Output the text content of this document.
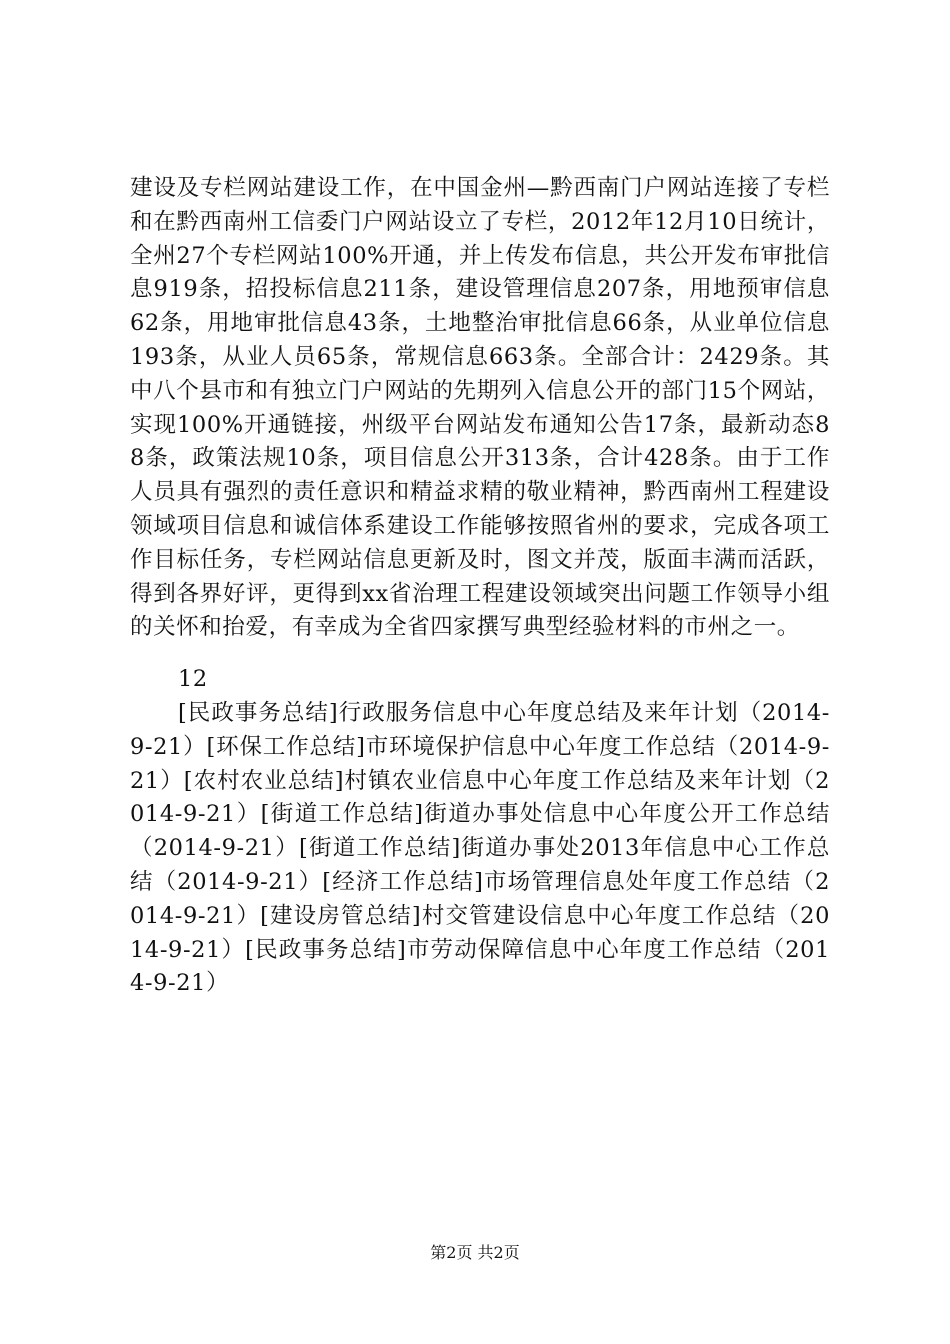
建设及专栏网站建设工作，在中国金州—黔西南门户网站连接了专栏和在黔西南州工信委门户网站设立了专栏，2012年12月10日统计，全州27个专栏网站100%开通，并上传发布信息，共公开发布审批信息919条，招投标信息211条，建设管理信息207条，用地预审信息62条，用地审批信息43条，土地整治审批信息66条，从业单位信息193条，从业人员65条，常规信息663条。全部合计：2429条。其中八个县市和有独立门户网站的先期列入信息公开的部门15个网站，实现100%开通链接，州级平台网站发布通知公告17条，最新动态88条，政策法规10条，项目信息公开313条，合计428条。由于工作人员具有强烈的责任意识和精益求精的敬业精神，黔西南州工程建设领域项目信息和诚信体系建设工作能够按照省州的要求，完成各项工作目标任务，专栏网站信息更新及时，图文并茂，版面丰满而活跃，得到各界好评，更得到xx省治理工程建设领域突出问题工作领导小组的关怀和抬爱，有幸成为全省四家撰写典型经验材料的市州之一。

12

[民政事务总结]行政服务信息中心年度总结及来年计划（2014-9-21）[环保工作总结]市环境保护信息中心年度工作总结（2014-9-21）[农村农业总结]村镇农业信息中心年度工作总结及来年计划（2014-9-21）[街道工作总结]街道办事处信息中心年度公开工作总结（2014-9-21）[街道工作总结]街道办事处2013年信息中心工作总结（2014-9-21）[经济工作总结]市场管理信息处年度工作总结（2014-9-21）[建设房管总结]村交管建设信息中心年度工作总结（2014-9-21）[民政事务总结]市劳动保障信息中心年度工作总结（2014-9-21）

第2页 共2页
